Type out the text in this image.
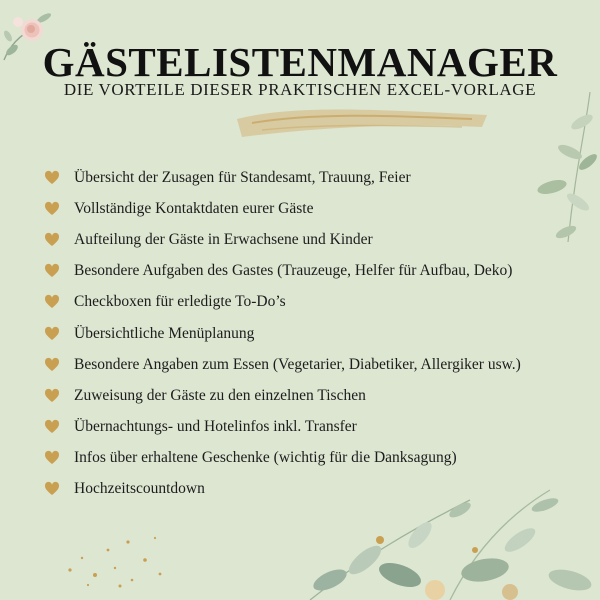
GÄSTELISTENMANAGER
DIE VORTEILE DIESER PRAKTISCHEN EXCEL-VORLAGE
Übersicht der Zusagen für Standesamt, Trauung, Feier
Vollständige Kontaktdaten eurer Gäste
Aufteilung der Gäste in Erwachsene und Kinder
Besondere Aufgaben des Gastes (Trauzeuge, Helfer für Aufbau, Deko)
Checkboxen für erledigte To-Do’s
Übersichtliche Menüplanung
Besondere Angaben zum Essen (Vegetarier, Diabetiker, Allergiker usw.)
Zuweisung der Gäste zu den einzelnen Tischen
Übernachtungs- und Hotelinfos inkl. Transfer
Infos über erhaltene Geschenke (wichtig für die Danksagung)
Hochzeitscountdown
